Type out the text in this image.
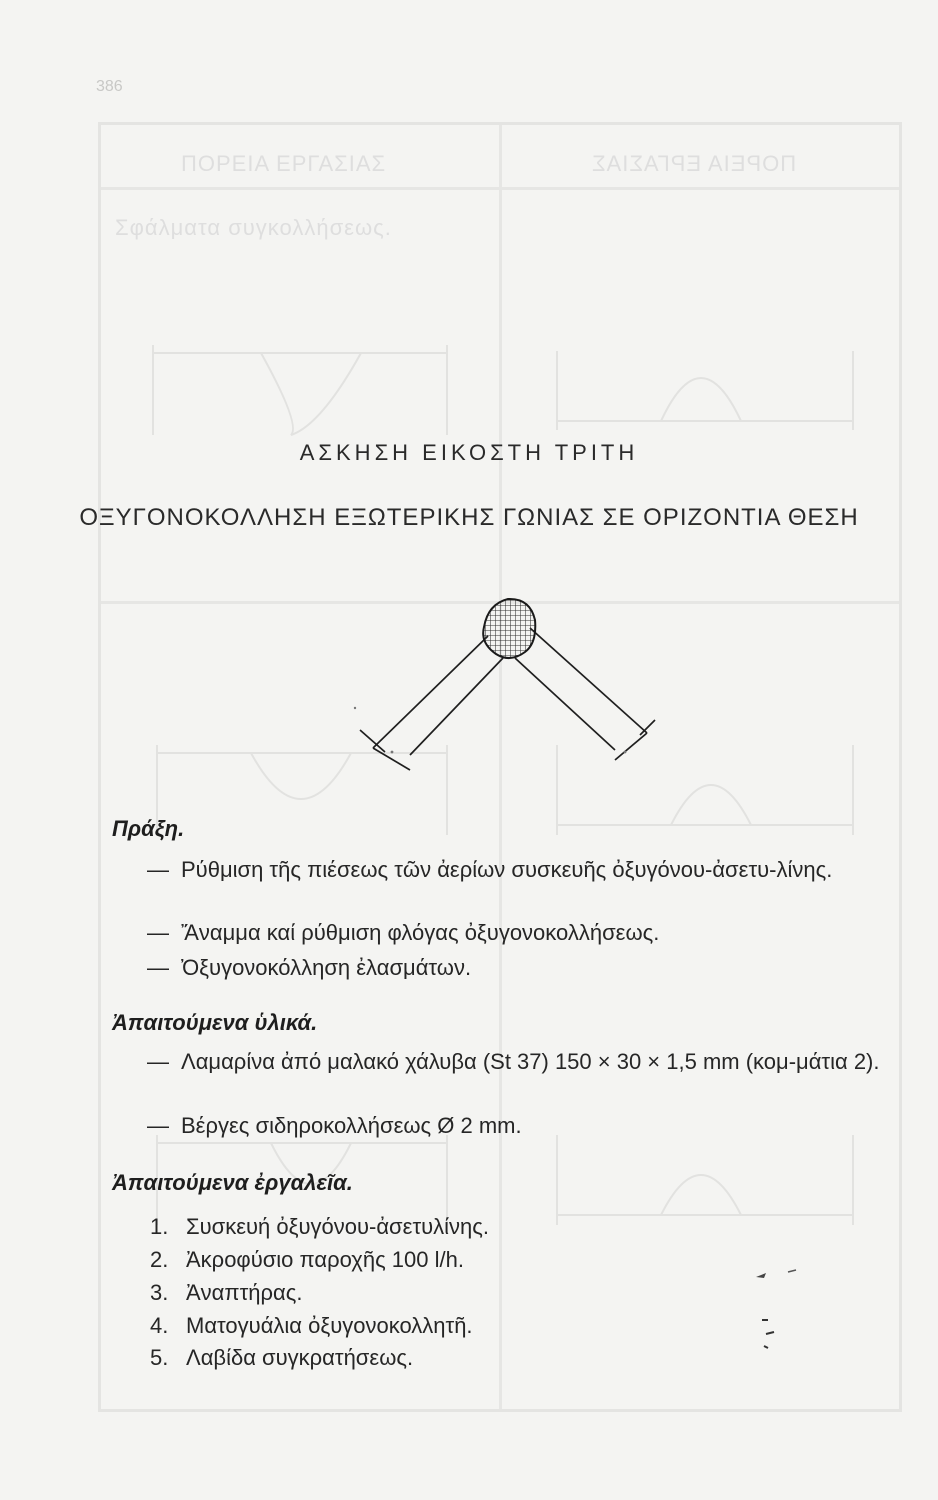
386
ΠΟΡΕΙΑ ΕΡΓΑΣΙΑΣ	ΠΟΡΕΙΑ ΕΡΓΑΣΙΑΣ
Σφάλματα συγκολλήσεως.
ΑΣΚΗΣΗ ΕΙΚΟΣΤΗ ΤΡΙΤΗ
ΟΞΥΓΟΝΟΚΟΛΛΗΣΗ ΕΞΩΤΕΡΙΚΗΣ ΓΩΝΙΑΣ ΣΕ ΟΡΙΖΟΝΤΙΑ ΘΕΣΗ
Πράξη.
— Ρύθμιση τῆς πιέσεως τῶν ἀερίων συσκευῆς ὀξυγόνου-ἀσετυ-λίνης.
— Ἄναμμα καί ρύθμιση φλόγας ὀξυγονοκολλήσεως.
— Ὀξυγονοκόλληση ἐλασμάτων.
Ἀπαιτούμενα ὑλικά.
— Λαμαρίνα ἀπό μαλακό χάλυβα (St 37) 150 × 30 × 1,5 mm (κομ-μάτια 2).
— Βέργες σιδηροκολλήσεως Ø 2 mm.
Ἀπαιτούμενα ἐργαλεῖα.
1. Συσκευή ὀξυγόνου-ἀσετυλίνης.
2. Ἀκροφύσιο παροχῆς 100 l/h.
3. Ἀναπτήρας.
4. Ματογυάλια ὀξυγονοκολλητῆ.
5. Λαβίδα συγκρατήσεως.
